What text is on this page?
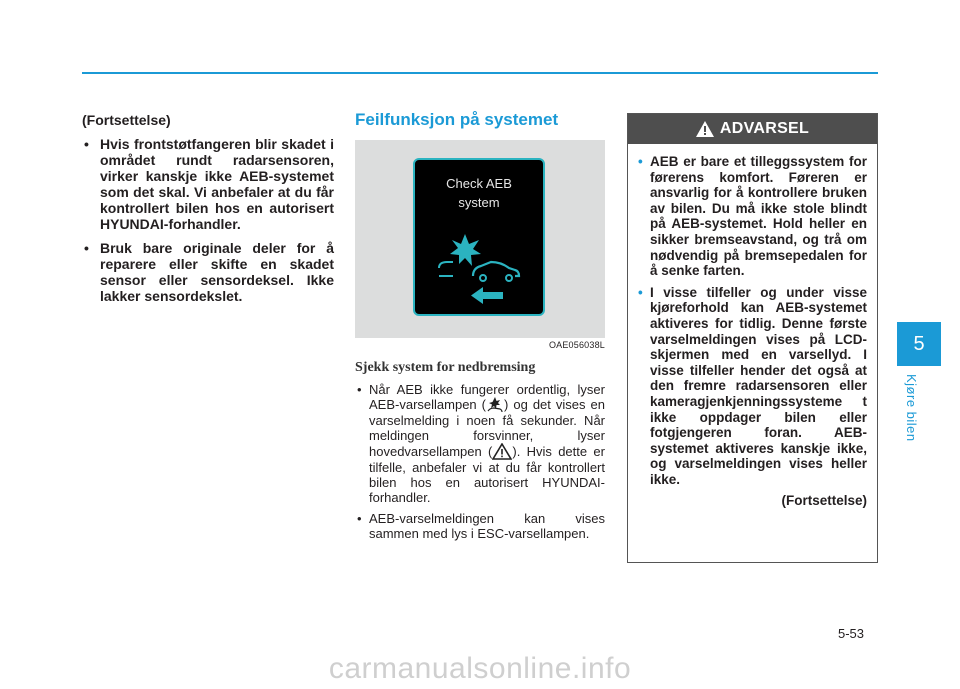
(Fortsettelse)

• Hvis frontstøtfangeren blir skadet i området rundt radarsensoren, virker kanskje ikke AEB-systemet som det skal. Vi anbefaler at du får kontrollert bilen hos en autorisert HYUNDAI-forhandler.
• Bruk bare originale deler for å reparere eller skifte en skadet sensor eller sensordeksel. Ikke lakker sensordekslet.
Feilfunksjon på systemet
Check AEB
system
OAE056038L
Sjekk system for nedbremsing
• Når AEB ikke fungerer ordentlig, lyser AEB-varsellampen ( ) og det vises en varselmelding i noen få sekunder. Når meldingen forsvinner, lyser hovedvarsellampen ( ). Hvis dette er tilfelle, anbefaler vi at du får kontrollert bilen hos en autorisert HYUNDAI-forhandler.
• AEB-varselmeldingen kan vises sammen med lys i ESC-varsellampen.
ADVARSEL
• AEB er bare et tilleggssystem for førerens komfort. Føreren er ansvarlig for å kontrollere bruken av bilen. Du må ikke stole blindt på AEB-systemet. Hold heller en sikker bremseavstand, og trå om nødvendig på bremsepedalen for å senke farten.
• I visse tilfeller og under visse kjøreforhold kan AEB-systemet aktiveres for tidlig. Denne første varselmeldingen vises på LCD-skjermen med en varsellyd. I visse tilfeller hender det også at den fremre radarsensoren eller kameragjenkjenningssysteme t ikke oppdager bilen eller fotgjengeren foran. AEB-systemet aktiveres kanskje ikke, og varselmeldingen vises heller ikke.
(Fortsettelse)
5
Kjøre bilen
5-53
carmanualsonline.info
